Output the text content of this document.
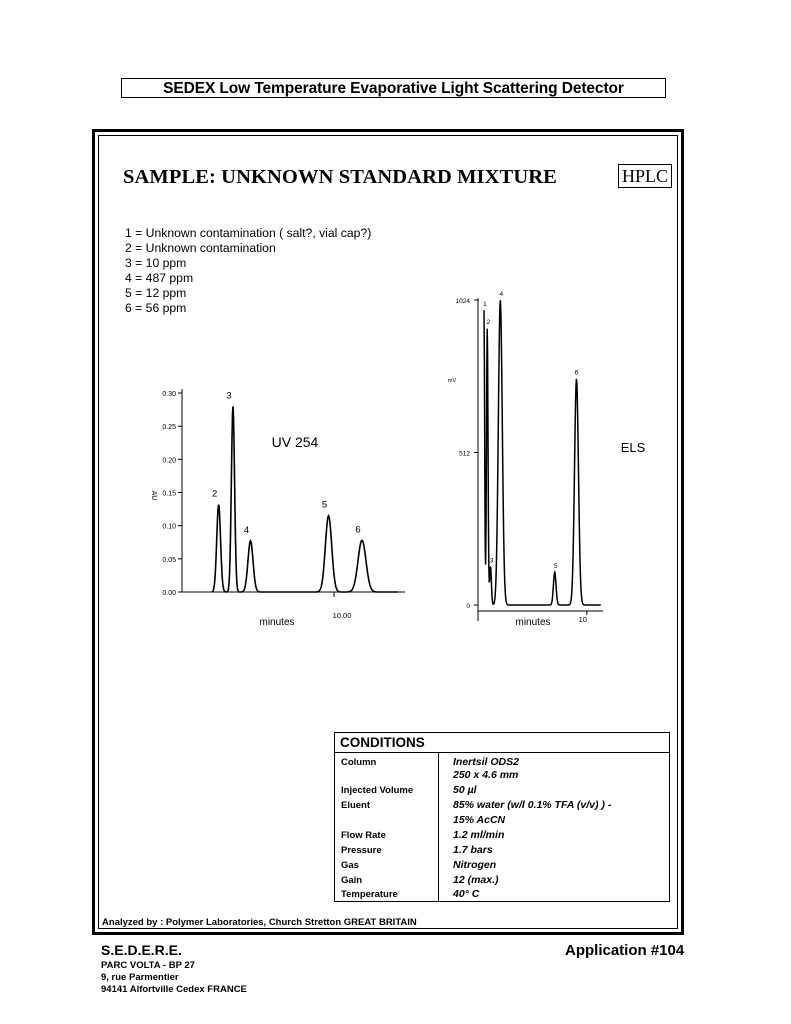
SEDEX Low Temperature Evaporative Light Scattering Detector
SAMPLE: UNKNOWN STANDARD MIXTURE	HPLC
1 = Unknown contamination ( salt?, vial cap?)
2 = Unknown contamination
3 = 10 ppm
4 = 487 ppm
5 = 12 ppm
6 = 56 ppm
0.30
0.25
0.20
0.15
0.10
0.05
0.00
10.00
AU
minutes
UV 254
2
3
4
5
6
1024
512
0
10
mV
minutes
ELS
1
2
3
4
5
6
CONDITIONS
Column	Inertsil ODS2
250 x 4.6 mm
Injected Volume	50 µl
Eluent	85% water (w/l 0.1% TFA (v/v) ) -
15% AcCN
Flow Rate	1.2 ml/min
Pressure	1.7 bars
Gas	Nitrogen
Gain	12 (max.)
Temperature	40° C
Analyzed by : Polymer Laboratories, Church Stretton GREAT BRITAIN
S.E.D.E.R.E.
PARC VOLTA - BP 27
9, rue Parmentier
94141 Alfortville Cedex FRANCE
Application #104
